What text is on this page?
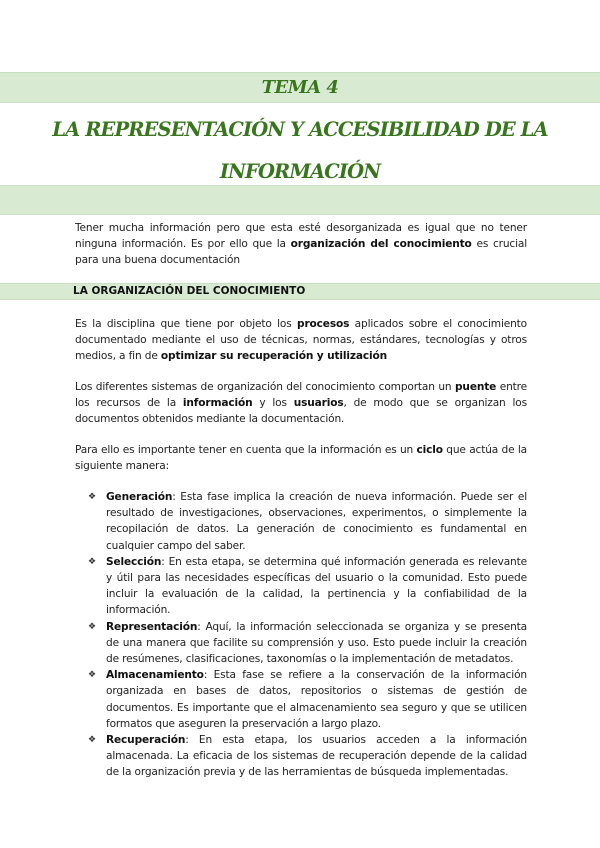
TEMA 4
LA REPRESENTACIÓN Y ACCESIBILIDAD DE LA
INFORMACIÓN

Tener mucha información pero que esta esté desorganizada es igual que no tener ninguna información. Es por ello que la organización del conocimiento es crucial para una buena documentación

LA ORGANIZACIÓN DEL CONOCIMIENTO

Es la disciplina que tiene por objeto los procesos aplicados sobre el conocimiento documentado mediante el uso de técnicas, normas, estándares, tecnologías y otros medios, a fin de optimizar su recuperación y utilización

Los diferentes sistemas de organización del conocimiento comportan un puente entre los recursos de la información y los usuarios, de modo que se organizan los documentos obtenidos mediante la documentación.

Para ello es importante tener en cuenta que la información es un ciclo que actúa de la siguiente manera:

❖ Generación: Esta fase implica la creación de nueva información. Puede ser el resultado de investigaciones, observaciones, experimentos, o simplemente la recopilación de datos. La generación de conocimiento es fundamental en cualquier campo del saber.
❖ Selección: En esta etapa, se determina qué información generada es relevante y útil para las necesidades específicas del usuario o la comunidad. Esto puede incluir la evaluación de la calidad, la pertinencia y la confiabilidad de la información.
❖ Representación: Aquí, la información seleccionada se organiza y se presenta de una manera que facilite su comprensión y uso. Esto puede incluir la creación de resúmenes, clasificaciones, taxonomías o la implementación de metadatos.
❖ Almacenamiento: Esta fase se refiere a la conservación de la información organizada en bases de datos, repositorios o sistemas de gestión de documentos. Es importante que el almacenamiento sea seguro y que se utilicen formatos que aseguren la preservación a largo plazo.
❖ Recuperación: En esta etapa, los usuarios acceden a la información almacenada. La eficacia de los sistemas de recuperación depende de la calidad de la organización previa y de las herramientas de búsqueda implementadas.
